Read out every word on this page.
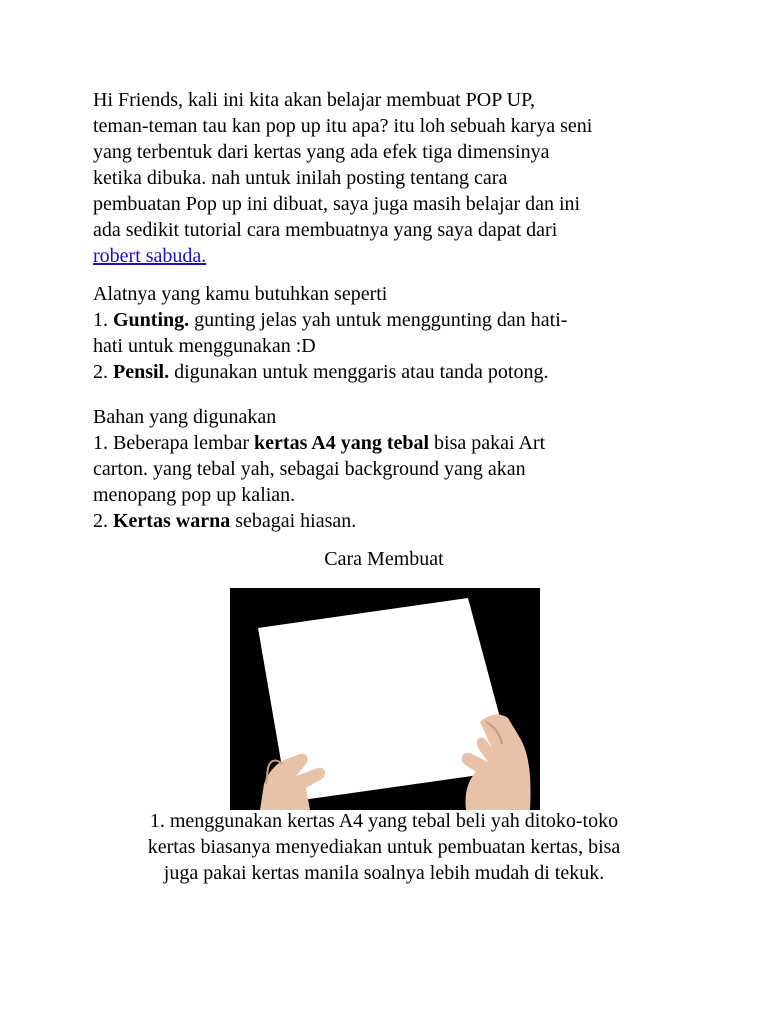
Hi Friends, kali ini kita akan belajar membuat POP UP,

teman-teman tau kan pop up itu apa? itu loh sebuah karya seni

yang terbentuk dari kertas yang ada efek tiga dimensinya

ketika dibuka. nah untuk inilah posting tentang cara

pembuatan Pop up ini dibuat, saya juga masih belajar dan ini

ada sedikit tutorial cara membuatnya yang saya dapat dari

robert sabuda.

Alatnya yang kamu butuhkan seperti

1. Gunting. gunting jelas yah untuk menggunting dan hati-

hati untuk menggunakan :D

2. Pensil. digunakan untuk menggaris atau tanda potong.

Bahan yang digunakan

1. Beberapa lembar kertas A4 yang tebal bisa pakai Art

carton. yang tebal yah, sebagai background yang akan

menopang pop up kalian.

2. Kertas warna sebagai hiasan.

Cara Membuat

1. menggunakan kertas A4 yang tebal beli yah ditoko-toko

kertas biasanya menyediakan untuk pembuatan kertas, bisa

juga pakai kertas manila soalnya lebih mudah di tekuk.
